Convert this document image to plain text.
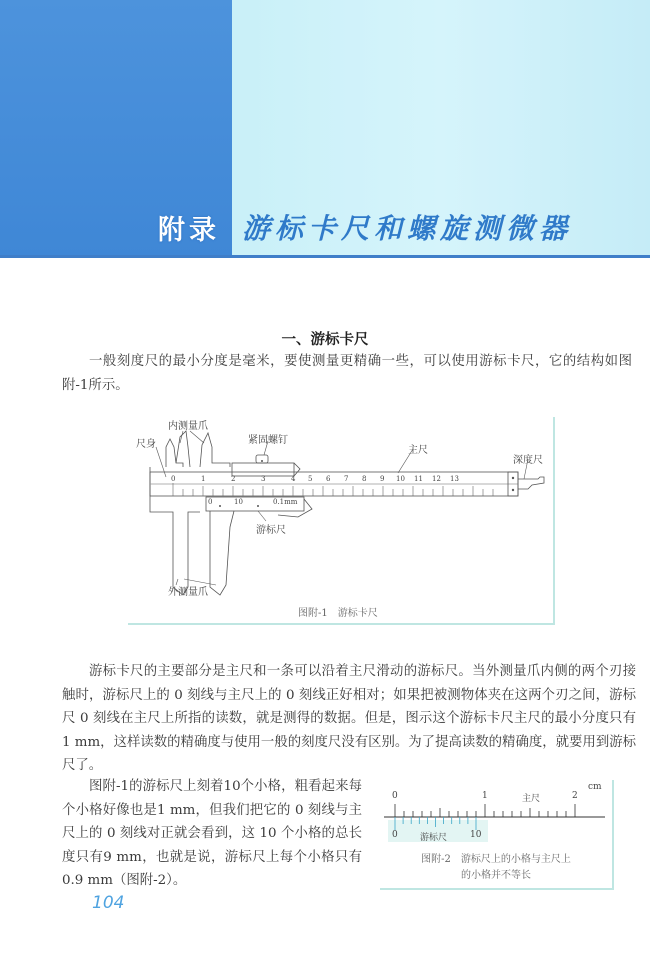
附录 游标卡尺和螺旋测微器
一、游标卡尺
一般刻度尺的最小分度是毫米，要使测量更精确一些，可以使用游标卡尺，它的结构如图附-1所示。
内测量爪
尺身	紧固螺钉
主尺
深度尺
0.1mm
游标尺
外测量爪
0	1	2	3	4 5 6 7 8 9 10 11 12 13
0	10
图附-1　游标卡尺
游标卡尺的主要部分是主尺和一条可以沿着主尺滑动的游标尺。当外测量爪内侧的两个刃接触时，游标尺上的 0 刻线与主尺上的 0 刻线正好相对；如果把被测物体夹在这两个刃之间，游标尺 0 刻线在主尺上所指的读数，就是测得的数据。但是，图示这个游标卡尺主尺的最小分度只有 1 mm，这样读数的精确度与使用一般的刻度尺没有区别。为了提高读数的精确度，就要用到游标尺了。
图附-1的游标尺上刻着10个小格，粗看起来每个小格好像也是1 mm，但我们把它的 0 刻线与主尺上的 0 刻线对正就会看到，这 10 个小格的总长度只有9 mm，也就是说，游标尺上每个小格只有 0.9 mm（图附-2）。
cm
0	1	主尺	2
0 游标尺	10
图附-2　游标尺上的小格与主尺上
的小格并不等长
104
